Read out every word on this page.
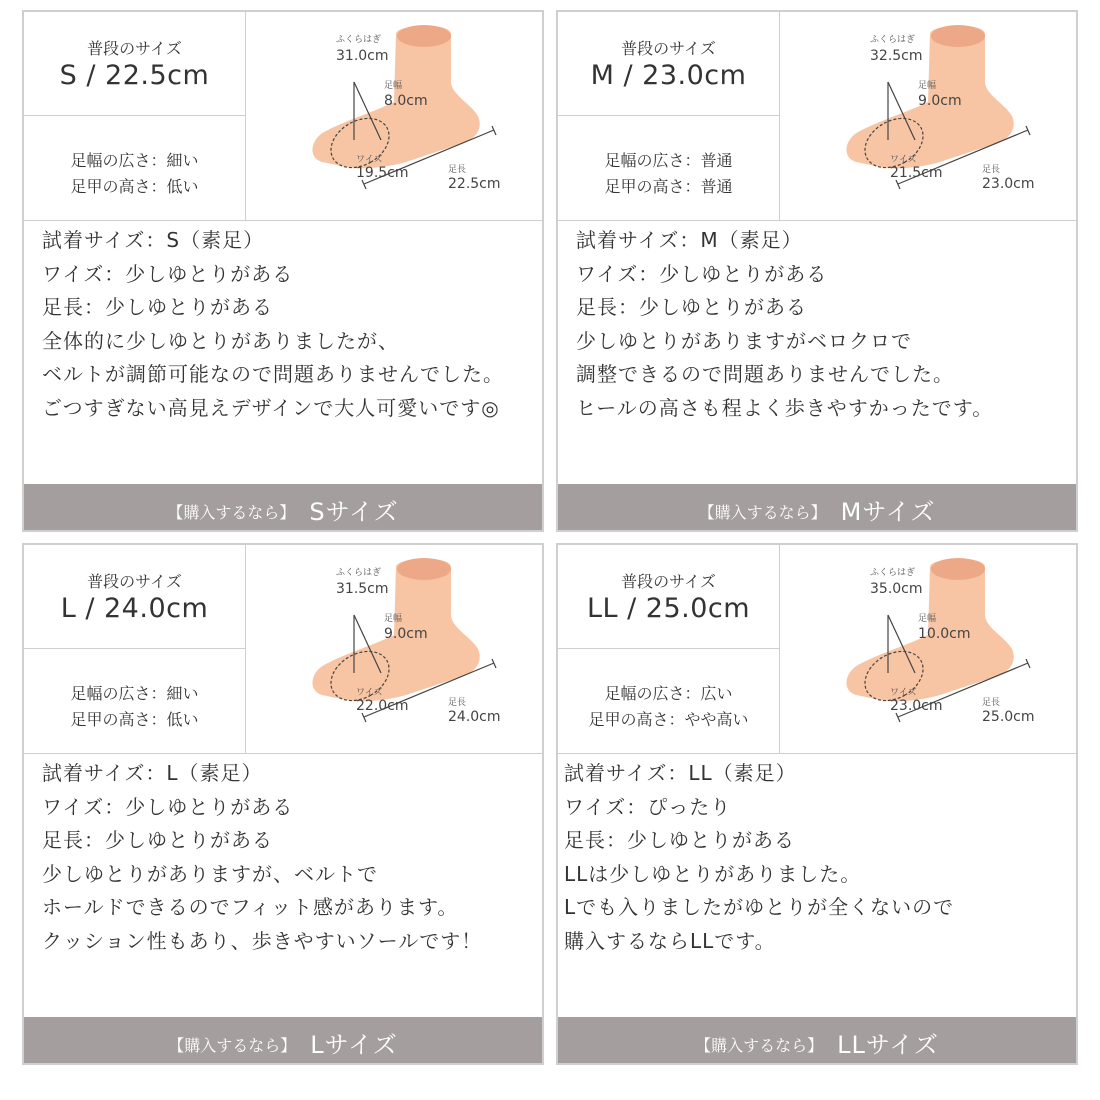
普段のサイズ
S / 22.5cm
足幅の広さ：細い
足甲の高さ：低い
ふくらはぎ
31.0cm
足幅
8.0cm
ワイズ
19.5cm	足長
22.5cm
試着サイズ：S（素足）
ワイズ：少しゆとりがある
足長：少しゆとりがある
全体的に少しゆとりがありましたが、
ベルトが調節可能なので問題ありませんでした。
ごつすぎない高見えデザインで大人可愛いです◎
【購入するなら】 Sサイズ
普段のサイズ
M / 23.0cm
足幅の広さ：普通
足甲の高さ：普通
ふくらはぎ
32.5cm
足幅
9.0cm
ワイズ
21.5cm	足長
23.0cm
試着サイズ：M（素足）
ワイズ：少しゆとりがある
足長：少しゆとりがある
少しゆとりがありますがベロクロで
調整できるので問題ありませんでした。
ヒールの高さも程よく歩きやすかったです。
【購入するなら】 Mサイズ
普段のサイズ
L / 24.0cm
足幅の広さ：細い
足甲の高さ：低い
ふくらはぎ
31.5cm
足幅
9.0cm
ワイズ
22.0cm	足長
24.0cm
試着サイズ：L（素足）
ワイズ：少しゆとりがある
足長：少しゆとりがある
少しゆとりがありますが、ベルトで
ホールドできるのでフィット感があります。
クッション性もあり、歩きやすいソールです！
【購入するなら】 Lサイズ
普段のサイズ
LL / 25.0cm
足幅の広さ：広い
足甲の高さ：やや高い
ふくらはぎ
35.0cm
足幅
10.0cm
ワイズ
23.0cm	足長
25.0cm
試着サイズ：LL（素足）
ワイズ：ぴったり
足長：少しゆとりがある
LLは少しゆとりがありました。
Lでも入りましたがゆとりが全くないので
購入するならLLです。
【購入するなら】 LLサイズ
